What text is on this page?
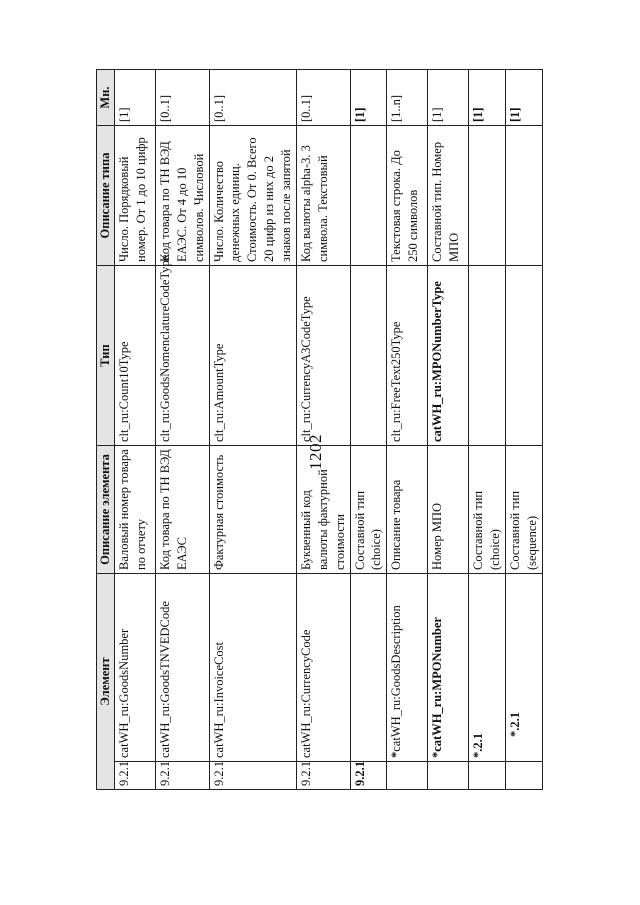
1202
Элемент		Описание элемента	Тип	Описание типа	Мн.
9.2.1	catWH_ru:GoodsNumber	Валовый номер товара по отчету	clt_ru:Count10Type	Число. Порядковый номер. От 1 до 10 цифр	[1]
9.2.1	catWH_ru:GoodsTNVEDCode	Код товара по ТН ВЭД ЕАЭС	clt_ru:GoodsNomenclatureCodeType	Код товара по ТН ВЭД ЕАЭС. От 4 до 10 символов. Числовой	[0..1]
9.2.1	catWH_ru:InvoiceCost	Фактурная стоимость	clt_ru:AmountType	Число. Количество денежных единиц. Стоимость. От 0. Всего 20 цифр из них до 2 знаков после запятой	[0..1]
9.2.1	catWH_ru:CurrencyCode	Буквенный код валюты фактурной стоимости	clt_ru:CurrencyA3CodeType	Код валюты alpha-3. 3 символа. Текстовый	[0..1]
9.2.1		Составной тип (choice)			[1]
	*catWH_ru:GoodsDescription	Описание товара	clt_ru:FreeText250Type	Текстовая строка. До 250 символов	[1..n]
	*catWH_ru:MPONumber	Номер МПО	catWH_ru:MPONumberType	Составной тип. Номер МПО	[1]
	*.2.1	Составной тип (choice)			[1]
	*.2.1	Составной тип (sequence)			[1]
